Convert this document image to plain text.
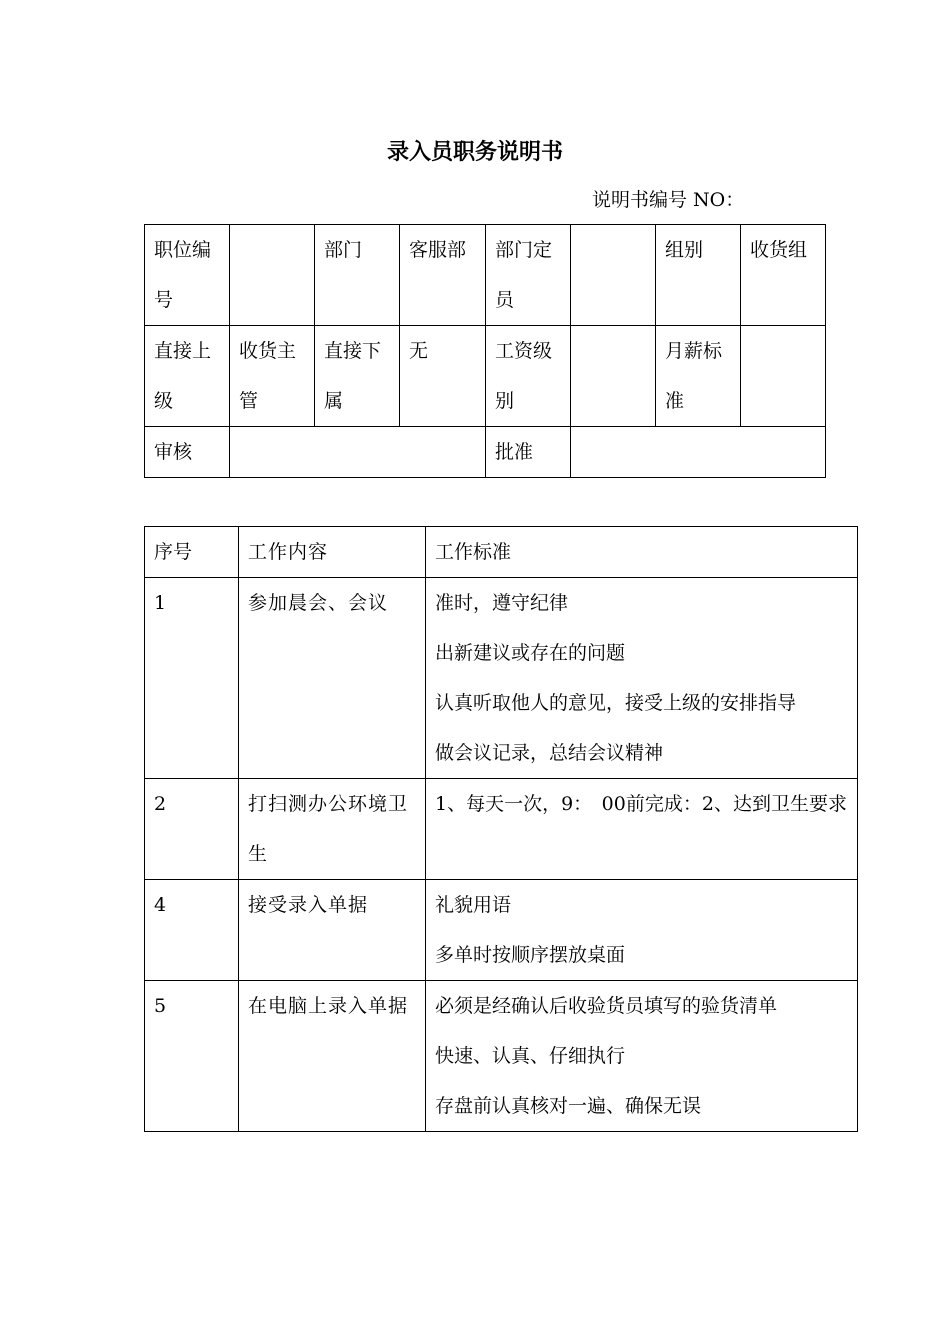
录入员职务说明书
说明书编号 NO：
职位编号		部门	客服部	部门定员		组别	收货组
直接上级	收货主管	直接下属	无	工资级别		月薪标准	
审核				批准			
序号	工作内容	工作标准
1	参加晨会、会议	准时，遵守纪律
出新建议或存在的问题
认真听取他人的意见，接受上级的安排指导
做会议记录，总结会议精神

2	打扫测办公环境卫生	1、每天一次，9：　00前完成：2、达到卫生要求

4	接受录入单据	礼貌用语
多单时按顺序摆放桌面

5	在电脑上录入单据	必须是经确认后收验货员填写的验货清单
快速、认真、仔细执行
存盘前认真核对一遍、确保无误
